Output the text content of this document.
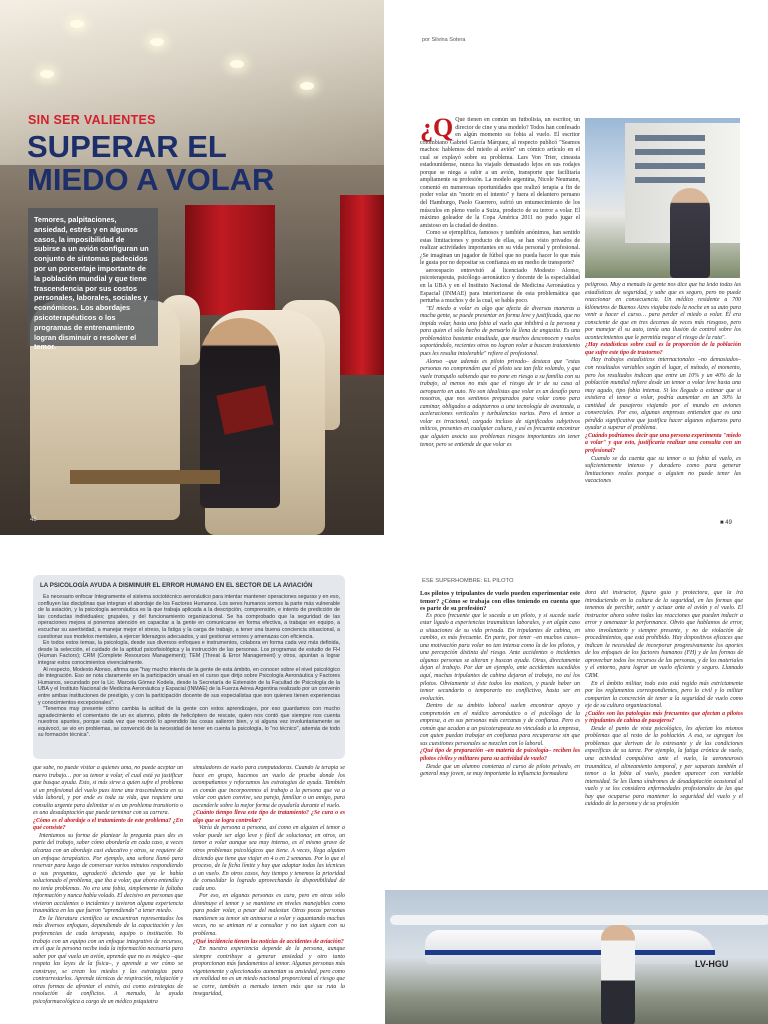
SIN SER VALIENTES
SUPERAR EL
MIEDO A VOLAR

Temores, palpitaciones, ansiedad, estrés y en algunos casos, la imposibilidad de subirse a un avión configuran un conjunto de síntomas padecidos por un porcentaje importante de la población mundial y que tiene trascendencia por sus costos personales, laborales, sociales y económicos. Los abordajes psicoterapéuticos o los programas de entrenamiento logran disminuir o resolver el temor.

48
por Silvina Sotera

¿Q Qué tienen en común un futbolista, un escritor, un director de cine y una modelo? Todos han confesado en algún momento su fobia al vuelo. El escritor colombiano Gabriel García Márquez, al respecto publicó "Seamos machos: hablemos del miedo al avión" un cómico artículo en el cual se explayó sobre su problema. Lars Von Trier, cineasta estadounidense, nunca ha viajado demasiado lejos en sus rodajes porque se niega a subir a un avión, transporte que facilitaría ampliamente su profesión. La modelo argentina, Nicole Neumann, comentó en numerosas oportunidades que realizó terapia a fin de poder volar sin "morir en el intento" y fuera el delantero peruano del Hamburgo, Paolo Guerrero, sufrió un entumecimiento de los músculos en pleno vuelo a Suiza, producto de su terror a volar. El máximo goleador de la Copa América 2011 no pudo jugar el amistoso en la ciudad de destino.

Como se ejemplifica, famosos y también anónimos, han sentido estas limitaciones y producto de ellas, se han visto privados de realizar actividades importantes en su vida personal y profesional. ¿Se imaginan un jugador de fútbol que no pueda hacer lo que más le gusta por no depositar su confianza en un medio de transporte?

aeroespacio entrevistó al licenciado Modesto Alonso, psicoterapeuta, psicólogo aeronáutico y docente de la especialidad en la UBA y en el Instituto Nacional de Medicina Aeronáutica y Espacial (INMAE) para interiorizarse de esta problemática que perturba a muchos y de la cual, se habla poco.

"El miedo a volar es algo que afecta de diversas maneras a mucha gente, se puede presentar en forma leve y justificada, que no impida volar, hasta una fobia al vuelo que inhibirá a la persona y para quien el sólo hecho de pensarlo la llena de angustia. Es una problemática bastante estudiada, que muchos desconocen y vuelos soportándolo, recientes otros no logran volar a buscan tratamiento pues les resulta intolerable" refiere el profesional.

Alonso –que además es piloto privado– destaca que "estas personas no comprenden que el piloto sea tan feliz volando, y que vuele tranquilo sabiendo que no pone en riesgo a su familia con su trabajo, al menos no más que el riesgo de ir de su casa al aeropuerto en auto. No son idealistas que volar es un desafío para nosotros, que nos sentimos preparados para volar como para caminar, obligados a adaptarnos a una tecnología de avanzada, a aceleraciones verticales y turbulencias varias. Pero el temor a volar es irracional, cargado incluso de significados subjetivos míticos, presentes en cualquier cultura, y así es frecuente encontrar que alguien asocia sus problemas riesgos importantes sin tener temor, pero se entiende de que volar es

peligroso. Muy a menudo la gente nos dice que ha leído todas las estadísticas de seguridad, y sabe que es seguro, pero no puede reaccionar en consecuencia. Un médico residente a 700 kilómetros de Buenos Aires viajaba todo la noche en su auto para venir a hacer el curso… para perder el miedo a volar. Él era consciente de que en tres decenas de veces más riesgoso, pero por manejar él su auto, tenía una ilusión de control sobre los acontecimientos que le permitía negar el riesgo de la ruta".

¿Hay estadísticas sobre cuál es la proporción de la población que sufre este tipo de trastorno?

Hay trabajos estadísticos internacionales –no demasiados– con resultados variables según el lugar, el método, el momento, pero los resultados indican que entre un 10% y un 40% de la población mundial refiere desde un temor a volar leve hasta una muy agudo, tipo fobia intensa. Si los llegado a estimar que si existiera el temor a volar, podría aumentar en un 30% la cantidad de pasajeros viajando por el mundo en aviones comerciales. Por eso, algunas empresas entienden que es una pérdida significativa que justifica hacer algunos esfuerzos para ayudar a superar el problema.

¿Cuándo podríamos decir que una persona experimenta "miedo a volar" y que esto, justificaría realizar una consulta con un profesional?

Cuando se da cuenta que su temor o su fobia al vuelo, es suficientemente intenso y duradero como para generar limitaciones reales porque o alguien no puede tener las vacaciones

■ 49
LA PSICOLOGÍA AYUDA A DISMINUIR EL ERROR HUMANO EN EL SECTOR DE LA AVIACIÓN

Es necesario enfocar íntegramente el sistema sociotécnico aeronáutico para intentar mantener operaciones seguras y en eso, confluyen las disciplinas que integran el abordaje de los Factores Humanos. Los seres humanos somos la parte más vulnerable de la aviación, y la psicología aeronáutica es la que trabaja aplicada a la descripción, comprensión, e intento de predicción de las conductas individuales; grupales, y del funcionamiento organizacional. Se ha comprobado que la seguridad de las operaciones mejora si ponemos atención en capacitar a la gente en comunicarse en forma efectiva, a trabajar en equipo, a escuchar su asertividad, a manejar mejor el stress, la fatiga y la carga de trabajo, a tener una buena conciencia situacional, a cuestionar sus modelos mentales, a ejercer liderazgos adecuados, y así gestionar errores y amenazas con eficiencia.

En todos estos temas, la psicología, desde sus diversos enfoques e instrumentos, colabora en forma cada vez más definida, desde la selección, el cuidado de la aptitud psicofisiológica y la instrucción de las personas. Los programas de estudio de FH (Human Factors); CRM (Complete Resources Management); TEM (Threat & Error Management) y otros, apuntan a lograr integrar estos conocimientos vivencialmente.

Al respecto, Modesto Alonso, afirma que "hay mucho interés de la gente de esta ámbito, en conocer sobre el nivel psicológico de integración. Eso se nota claramente en la participación anual en el curso que dirijo sobre Psicología Aeronáutica y Factores Humanos, secundado por la Lic. Marcela Gómez Kodela, desde la Secretaría de Extensión de la Facultad de Psicología de la UBA y el Instituto Nacional de Medicina Aeronáutica y Espacial (INMAE) de la Fuerza Aérea Argentina realizado por un convenio entre ambas instituciones de prestigio, y con la participación docente de sus especialistas que son quienes tienen experiencias y conocimientos excepcionales".

"Tenemos muy presente cómo cambia la actitud de la gente con estos aprendizajes, por eso guardamos con mucho agradecimiento el comentario de un ex alumno, piloto de helicóptero de rescate, quien nos contó que siempre nos cuenta nuestros apuntes, porque cada vez que recordó lo aprendido las cosas salieron bien, y si alguna vez involuntariamente se equivocó, se vio en problemas, se convenció de la necesidad de tener en cuenta la psicología, lo "no técnico", además de todo su formación técnica".

que sabe, no puede visitar a quienes ama, no puede aceptar un nuevo trabajo… por su temor a volar, el cual está ya justificar que busque ayuda. Esto, si más sirve a quien sufre el problema si un profesional del vuelo pues tiene una trascendencia en su vida laboral, y por ende es toda su vida, que requiere una consulta urgente para delimitar si es un problema transitorio o es una desadaptación que puede terminar con su carrera.

¿Cómo es el abordaje o el tratamiento de este problema? ¿En qué consiste?

Intentamos su forma de plantear la pregunta pues des es parte del trabajo, saber cómo abordarla en cada caso, a veces alcanza con un abordaje casi educativo y otras, se requiere de un enfoque terapéutico. Por ejemplo, una señora llamó para reservar para luego de conversar varios minutos respondiendo a sus preguntas, agradeció diciendo que ya le había solucionado el problema, que iba a volar, que ahora entendía y no tenía problemas. No era una fobia, simplemente le faltaba información y nunca había volado. El decisivo en personas que vivieron accidentes o incidentes y tuvieron alguna experiencia traumática en las que fueron "aprendiendo" a tener miedo.

En la literatura científica se encuentran representados los más diversos enfoques, dependiendo de la capacitación y las preferencias de cada terapeuta, equipo o institución. Yo trabajo con un equipo con un enfoque integrativo de recursos, en el que la persona recibe toda la información necesaria para saber por qué vuela un avión, aprende que no es mágico –que respeta las leyes de la física–, y aprende a ver cómo se construye, se crean los miedos y las estrategias para contrarrestarlos. Aprende técnicas de respiración, relajación y otras formas de afrontar el estrés, así como estrategias de resolución de conflictos. A menudo, la ayuda psicofarmacológica a cargo de un médico psiquiatra

simuladores de vuelo para computadoras. Cuando la terapia se hace en grupo, hacemos un vuelo de prueba donde los acompañamos y reforzamos las estrategias de ayuda. También es común que incorporemos al trabajo a la persona que va a volar con quien convive, sea pareja, familiar o un amigo, para ascenderle sobre la mejor forma de ayudarla durante el vuelo.

¿Cuánto tiempo lleva este tipo de tratamiento? ¿Se cura o es algo que se logra controlar?

Varía de persona a persona, así como en alguien el temor a volar puede ser algo leve y fácil de solucionar, en otros, un temor a volar aunque sea muy intenso, es el mismo grave de otros problemas psicológicos que tiene. A veces, llega alguien diciendo que tiene que viajar en 4 o en 2 semanas. Por lo que el proceso, de la ficha límite y hay que adaptar todas las técnicas a un vuelo. En otros casos, hay tiempo y tenemos la prioridad de consolidar lo logrado aprovechando la disponibilidad de cada uno.

Por eso, en algunas personas es cura, pero en otras sólo disminuye el temor y se mantiene en niveles manejables como para poder volar, a pesar del malestar. Otras pocas personas mantienen su temor sin animarse a volar y aguantando muchas veces, no se animan ni a consultar y no tan siguen con su problema.

¿Qué incidencia tienen las noticias de accidentes de aviación?

En nuestra experiencia depende de la persona, aunque siempre contribuye a generar ansiedad y otro tanto proporcionan más fundamentos al temor. Algunas personas más vigentemente y afeccionados aumentan su ansiedad, pero como en realidad no es un miedo nacional proporcional al riesgo que se corre, también a menudo temen más que su ruta la inseguridad,

ESE SUPERHOMBRE: EL PILOTO

Los pilotos y tripulantes de vuelo pueden experimentar este temor? ¿Cómo se trabaja con ellos teniendo en cuenta que es parte de su profesión?

Es poco frecuente que le suceda a un piloto, y si sucede suele estar ligado a experiencias traumáticas laborales, y en algún caso a situaciones de su vida privada. En tripulantes de cabina, en cambio, es más frecuente. En parte, por tener –en muchos casos– una motivación para volar no tan intensa como la de los pilotos, y una percepción distinta del riesgo. Ante accidentes o incidentes algunas personas se alteran y buscan ayuda. Otras, directamente dejan el trabajo. Por dar un ejemplo, ante accidentes sucedidos aquí, muchas tripulantes de cabina dejaron el trabajo, no así los pilotos. Obviamente si éste todos los matices, y puede haber un temor secundario o temporario no conflictivo, hasta ser en evolución.

Dentro de su ámbito laboral suelen encontrar apoyo y comprensión en el médico aeronáutico o el psicólogo de la empresa, a en sus personas más cercanas y de confianza. Pero es común que acudan a un psicoterapeuta no vinculado a la empresa, con quien puedan trabajar en confianza para recuperarse sin que sus cuestiones personales se mezclen con lo laboral.

¿Qué tipo de preparación –en materia de psicología– reciben los pilotos civiles y militares para su actividad de vuelo?

Desde que un alumno comienza el curso de piloto privado, en general muy joven, se muy importante la influencia formadora

dora del instructor, figura guía y protectora, que la irá introduciendo en la cultura de la seguridad, en las formas que tenemos de percibir, sentir y actuar ante el avión y el vuelo. El instructor ahora sobre todas las reacciones que pueden inducir a error y amenazar la performance. Obvio que hablamos de error, sino involuntario y siempre presente, y no de violación de procedimientos, que está prohibido. Hay dispositivos eficaces que indican la necesidad de incorporar progresivamente los aportes de los enfoques de los factores humanos (FH) y de las formas de aprovechar todos los recursos de las personas, y de los materiales y el entorno, para lograr un vuelo eficiente y seguro. Llamado CRM.

En el ámbito militar, todo esto está regido más estrictamente por los reglamentos correspondientes, pero lo civil y lo militar comparten la concreción de tener a la seguridad de vuelo como eje de su cultura organizacional.

¿Cuáles son las patologías más frecuentes que afectan a pilotos y tripulantes de cabina de pasajeros?

Desde el punto de vista psicológico, les afectan los mismos problemas que al resto de la población. A esa, se agregan los problemas que derivan de lo estresante y de las condiciones específicas de su tarea. Por ejemplo, la fatiga crónica de vuelo, una actividad compulsiva ante el vuelo, la aeroneurosis traumática, el alineamiento temporal, y per saparats también el temor a la fobia al vuelo, pueden aparecer con variable intensidad. Se les llama síndromes de desadaptación ocasional al vuelo y se los considera enfermedades profesionales de las que hay que ocuparse para mantener la seguridad del vuelo y el cuidado de la persona y de su profesión

LV-HGU
